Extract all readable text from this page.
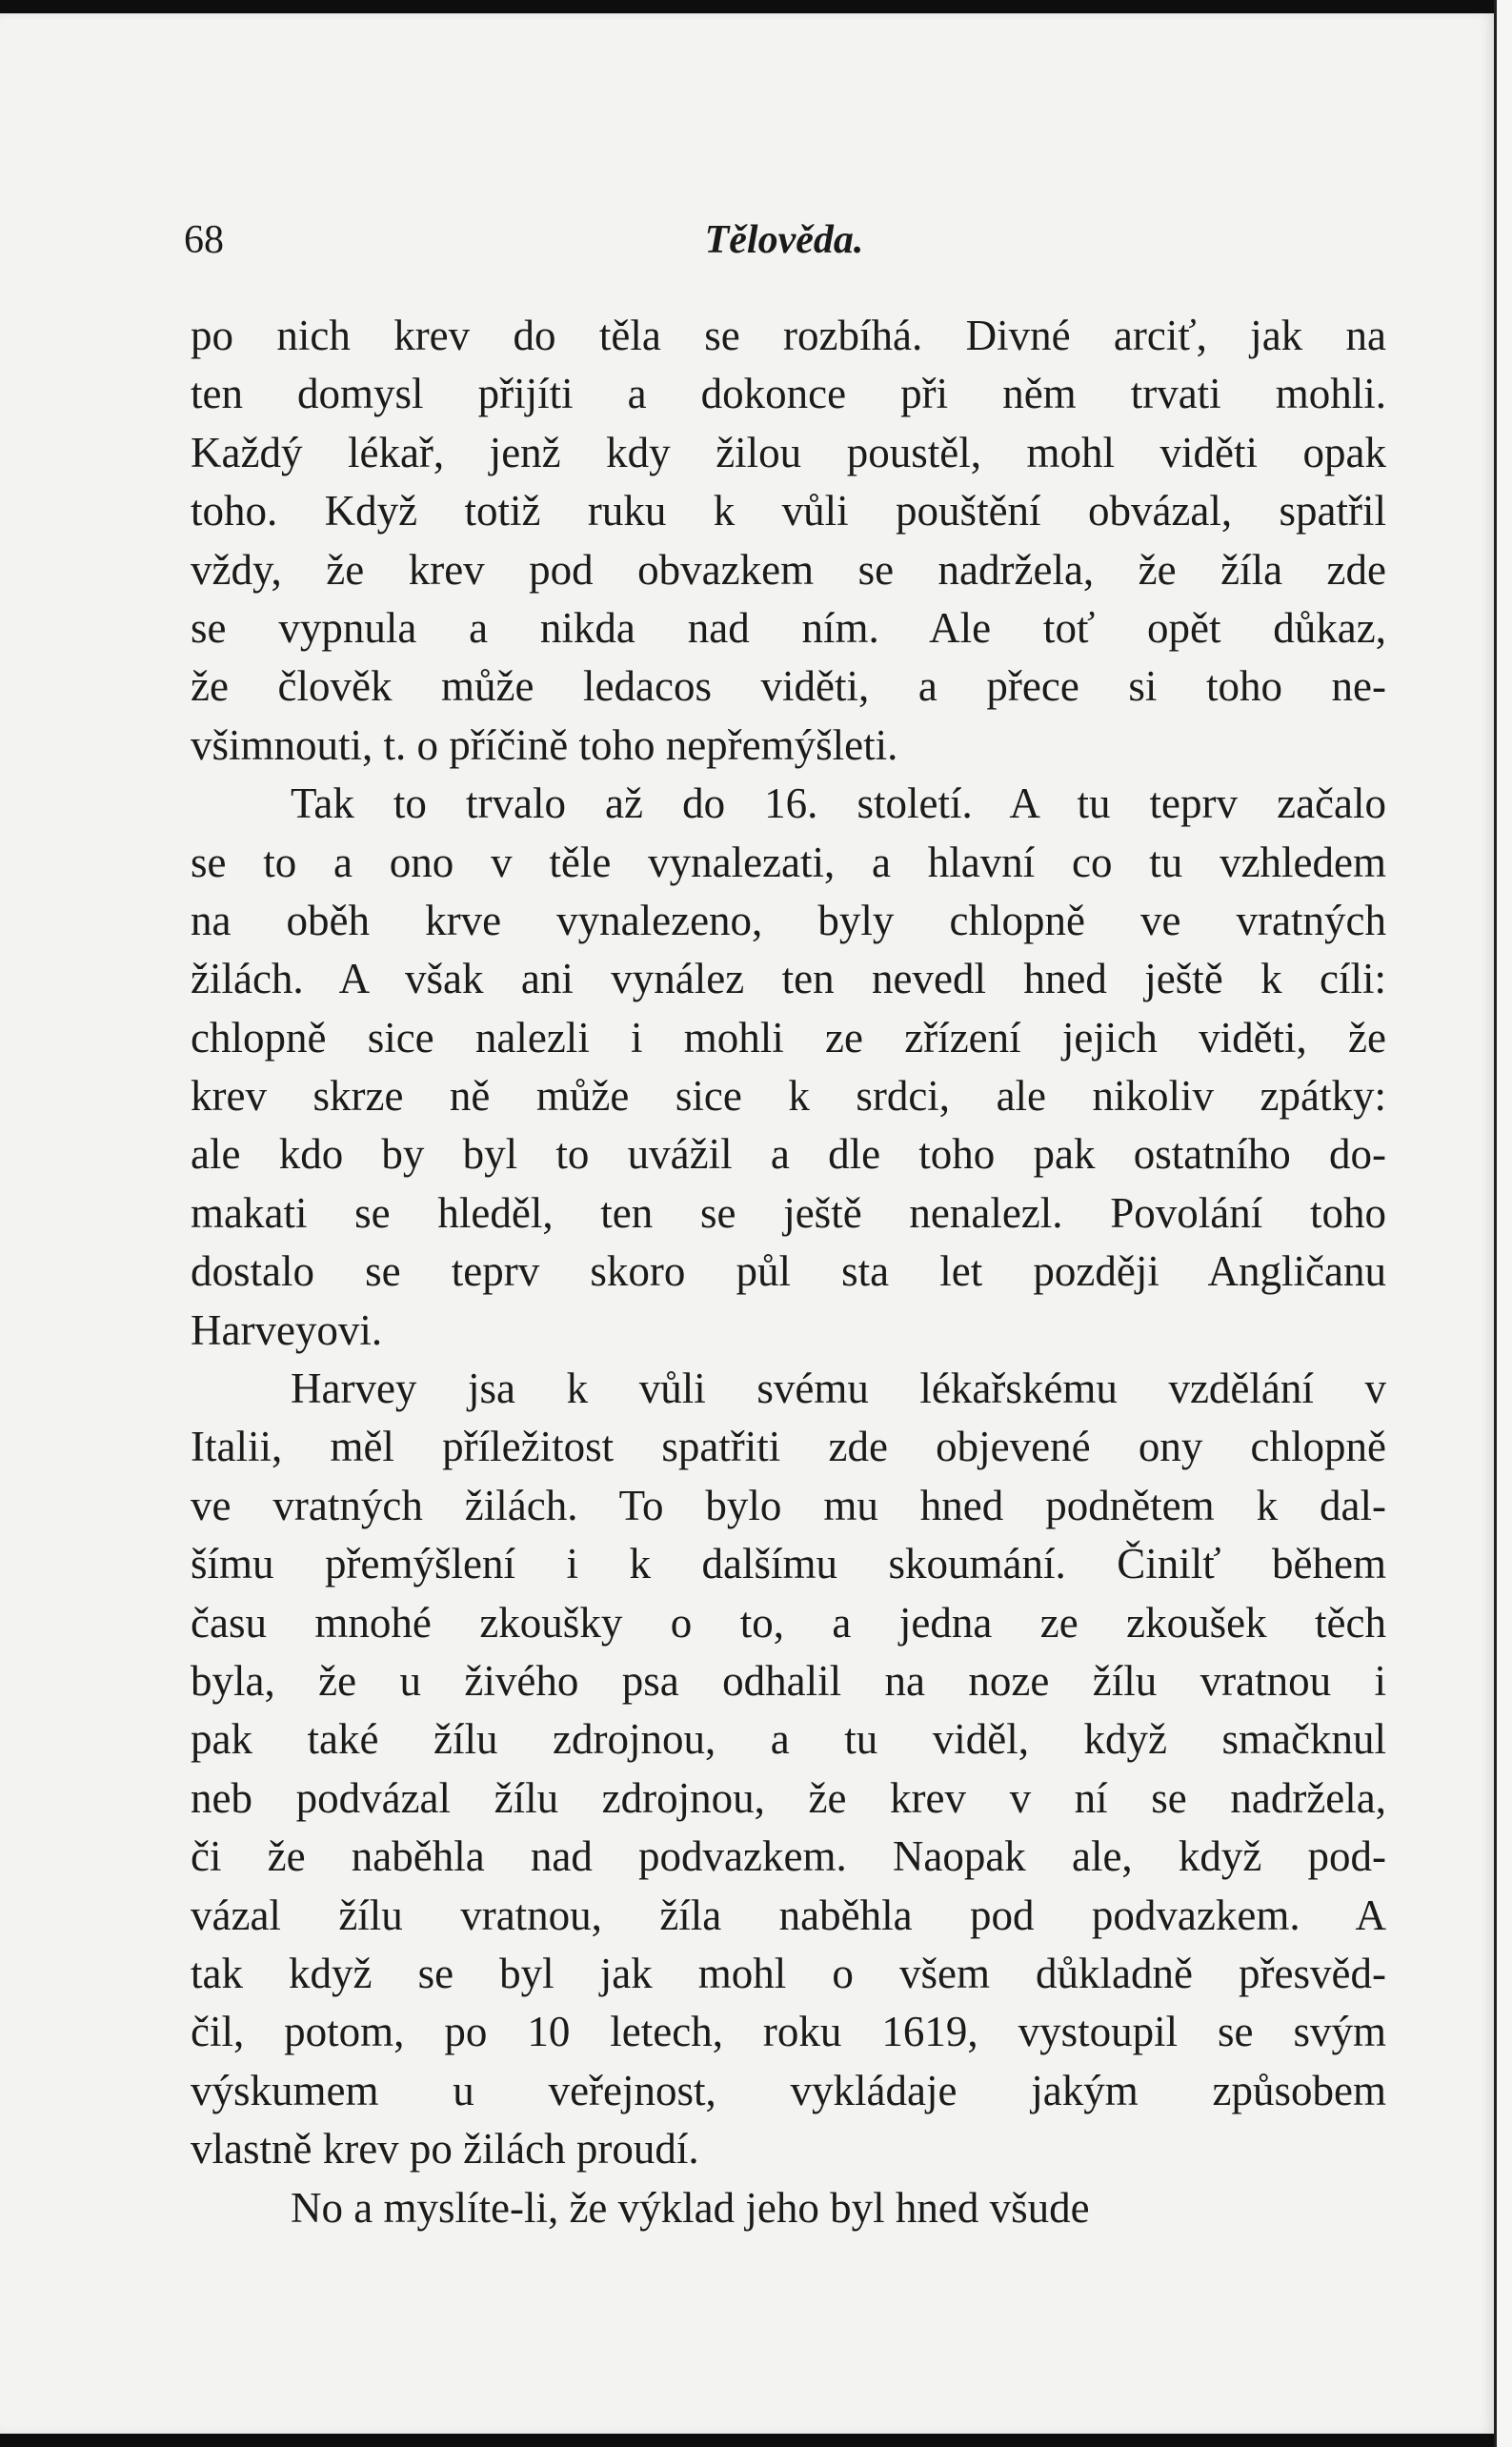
68	Tělověda.
po nich krev do těla se rozbíhá. Divné arciť, jak na
ten domysl přijíti a dokonce při něm trvati mohli.
Každý lékař, jenž kdy žilou poustěl, mohl viděti opak
toho. Když totiž ruku k vůli pouštění obvázal, spatřil
vždy, že krev pod obvazkem se nadržela, že žíla zde
se vypnula a nikda nad ním. Ale toť opět důkaz,
že člověk může ledacos viděti, a přece si toho ne-
všimnouti, t. o příčině toho nepřemýšleti.
Tak to trvalo až do 16. století. A tu teprv začalo
se to a ono v těle vynalezati, a hlavní co tu vzhledem
na oběh krve vynalezeno, byly chlopně ve vratných
žilách. A však ani vynález ten nevedl hned ještě k cíli:
chlopně sice nalezli i mohli ze zřízení jejich viděti, že
krev skrze ně může sice k srdci, ale nikoliv zpátky:
ale kdo by byl to uvážil a dle toho pak ostatního do-
makati se hleděl, ten se ještě nenalezl. Povolání toho
dostalo se teprv skoro půl sta let později Angličanu
Harveyovi.
Harvey jsa k vůli svému lékařskému vzdělání v
Italii, měl příležitost spatřiti zde objevené ony chlopně
ve vratných žilách. To bylo mu hned podnětem k dal-
šímu přemýšlení i k dalšímu skoumání. Činilť během
času mnohé zkoušky o to, a jedna ze zkoušek těch
byla, že u živého psa odhalil na noze žílu vratnou i
pak také žílu zdrojnou, a tu viděl, když smačknul
neb podvázal žílu zdrojnou, že krev v ní se nadržela,
či že naběhla nad podvazkem. Naopak ale, když pod-
vázal žílu vratnou, žíla naběhla pod podvazkem. A
tak když se byl jak mohl o všem důkladně přesvěd-
čil, potom, po 10 letech, roku 1619, vystoupil se svým
výskumem u veřejnost, vykládaje jakým způsobem
vlastně krev po žilách proudí.
No a myslíte-li, že výklad jeho byl hned všude
